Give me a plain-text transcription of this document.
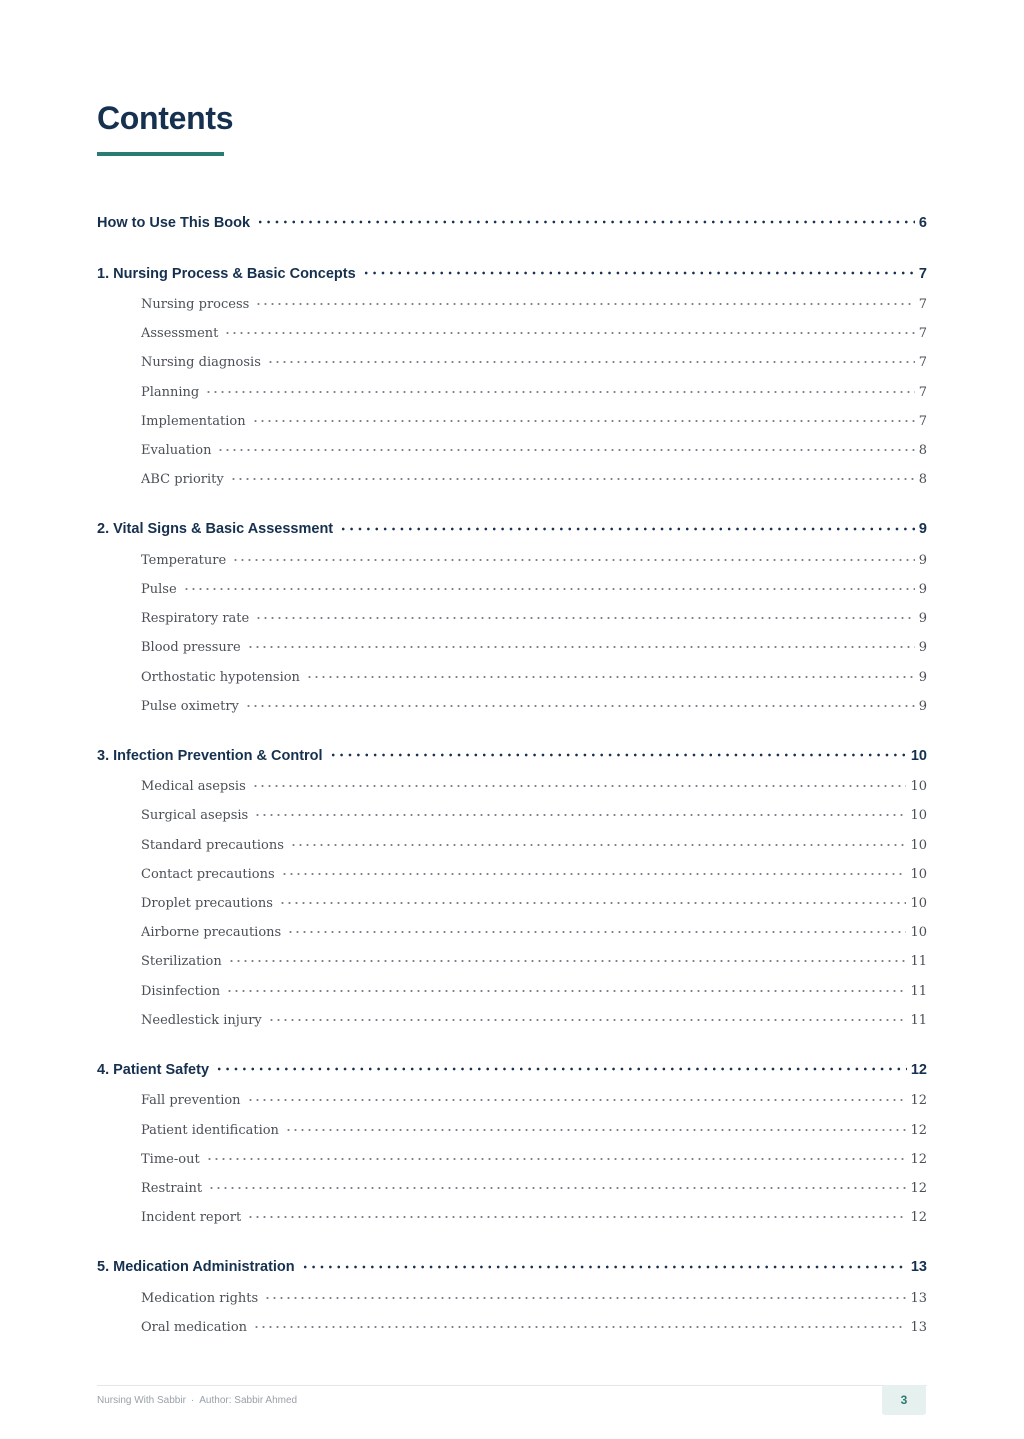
Contents
How to Use This Book	6
1. Nursing Process & Basic Concepts	7
Nursing process	7
Assessment	7
Nursing diagnosis	7
Planning	7
Implementation	7
Evaluation	8
ABC priority	8
2. Vital Signs & Basic Assessment	9
Temperature	9
Pulse	9
Respiratory rate	9
Blood pressure	9
Orthostatic hypotension	9
Pulse oximetry	9
3. Infection Prevention & Control	10
Medical asepsis	10
Surgical asepsis	10
Standard precautions	10
Contact precautions	10
Droplet precautions	10
Airborne precautions	10
Sterilization	11
Disinfection	11
Needlestick injury	11
4. Patient Safety	12
Fall prevention	12
Patient identification	12
Time-out	12
Restraint	12
Incident report	12
5. Medication Administration	13
Medication rights	13
Oral medication	13
Nursing With Sabbir · Author: Sabbir Ahmed	3
